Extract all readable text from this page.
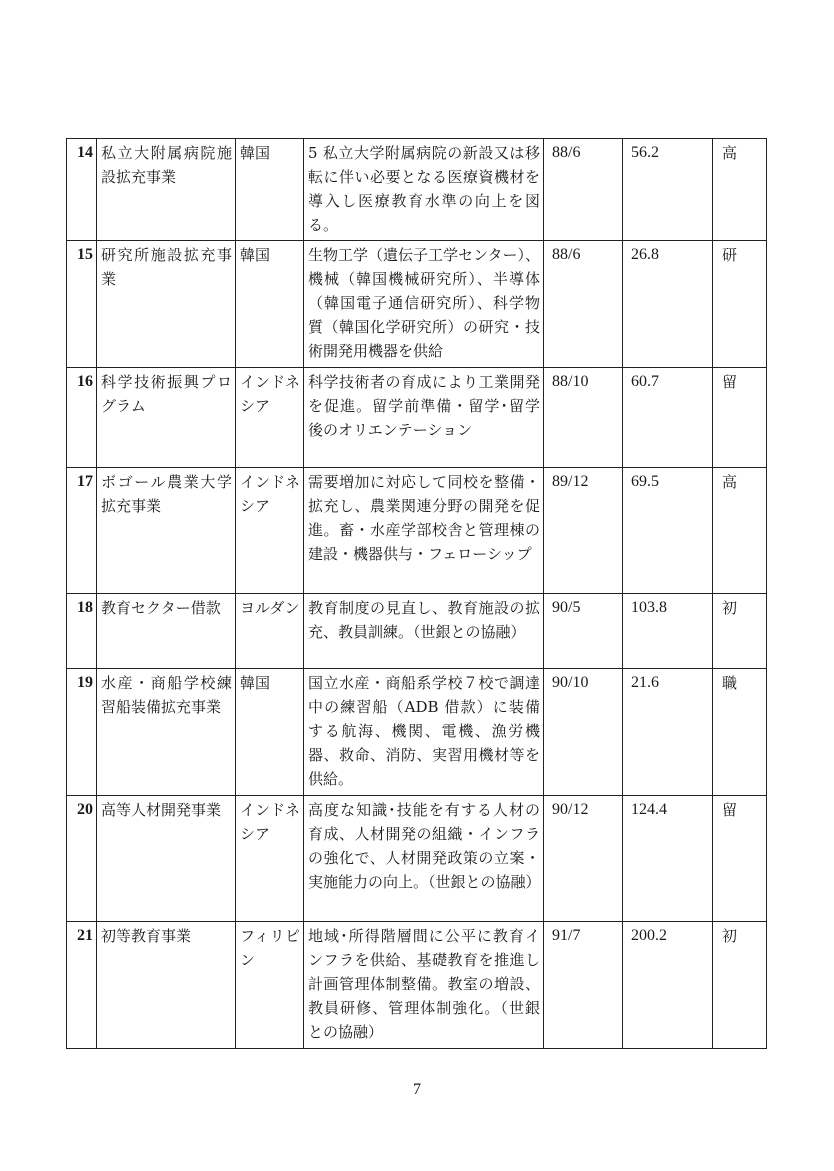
14	私立大附属病院施設拡充事業	韓国	5 私立大学附属病院の新設又は移転に伴い必要となる医療資機材を導入し医療教育水準の向上を図る。	88/6	56.2	高
15	研究所施設拡充事業	韓国	生物工学（遺伝子工学センター）、機械（韓国機械研究所）、半導体（韓国電子通信研究所）、科学物質（韓国化学研究所）の研究・技術開発用機器を供給	88/6	26.8	研
16	科学技術振興プログラム	インドネシア	科学技術者の育成により工業開発を促進。留学前準備・留学･留学後のオリエンテーション	88/10	60.7	留
17	ボゴール農業大学拡充事業	インドネシア	需要増加に対応して同校を整備・拡充し、農業関連分野の開発を促進。畜・水産学部校舎と管理棟の建設・機器供与・フェローシップ	89/12	69.5	高
18	教育セクター借款	ヨルダン	教育制度の見直し、教育施設の拡充、教員訓練。（世銀との協融）	90/5	103.8	初
19	水産・商船学校練習船装備拡充事業	韓国	国立水産・商船系学校７校で調達中の練習船（ADB 借款）に装備する航海、機関、電機、漁労機器、救命、消防、実習用機材等を供給。	90/10	21.6	職
20	高等人材開発事業	インドネシア	高度な知識･技能を有する人材の育成、人材開発の組織・インフラの強化で、人材開発政策の立案・実施能力の向上。（世銀との協融）	90/12	124.4	留
21	初等教育事業	フィリピン	地域･所得階層間に公平に教育インフラを供給、基礎教育を推進し計画管理体制整備。教室の増設、教員研修、管理体制強化。（世銀との協融）	91/7	200.2	初
7
